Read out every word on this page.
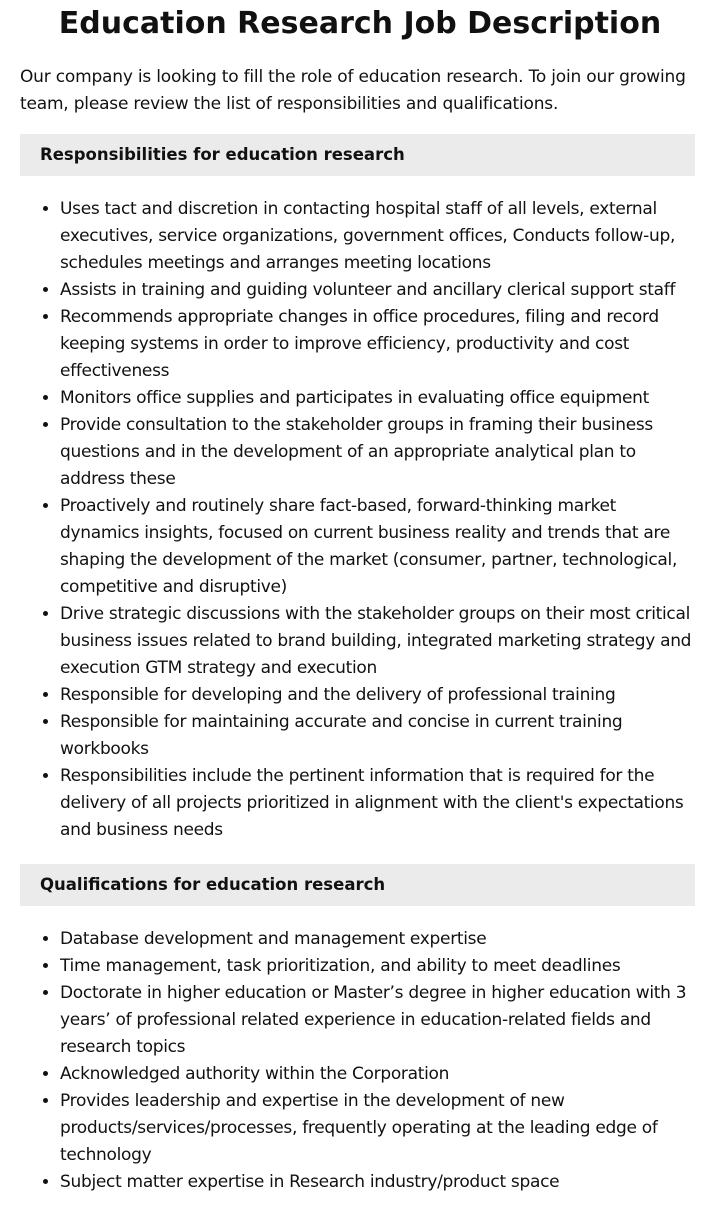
Education Research Job Description

Our company is looking to fill the role of education research. To join our growing team, please review the list of responsibilities and qualifications.

Responsibilities for education research
• Uses tact and discretion in contacting hospital staff of all levels, external executives, service organizations, government offices, Conducts follow-up, schedules meetings and arranges meeting locations
• Assists in training and guiding volunteer and ancillary clerical support staff
• Recommends appropriate changes in office procedures, filing and record keeping systems in order to improve efficiency, productivity and cost effectiveness
• Monitors office supplies and participates in evaluating office equipment
• Provide consultation to the stakeholder groups in framing their business questions and in the development of an appropriate analytical plan to address these
• Proactively and routinely share fact-based, forward-thinking market dynamics insights, focused on current business reality and trends that are shaping the development of the market (consumer, partner, technological, competitive and disruptive)
• Drive strategic discussions with the stakeholder groups on their most critical business issues related to brand building, integrated marketing strategy and execution GTM strategy and execution
• Responsible for developing and the delivery of professional training
• Responsible for maintaining accurate and concise in current training workbooks
• Responsibilities include the pertinent information that is required for the delivery of all projects prioritized in alignment with the client's expectations and business needs
Qualifications for education research
• Database development and management expertise
• Time management, task prioritization, and ability to meet deadlines
• Doctorate in higher education or Master’s degree in higher education with 3 years’ of professional related experience in education-related fields and research topics
• Acknowledged authority within the Corporation
• Provides leadership and expertise in the development of new products/services/processes, frequently operating at the leading edge of technology
• Subject matter expertise in Research industry/product space
